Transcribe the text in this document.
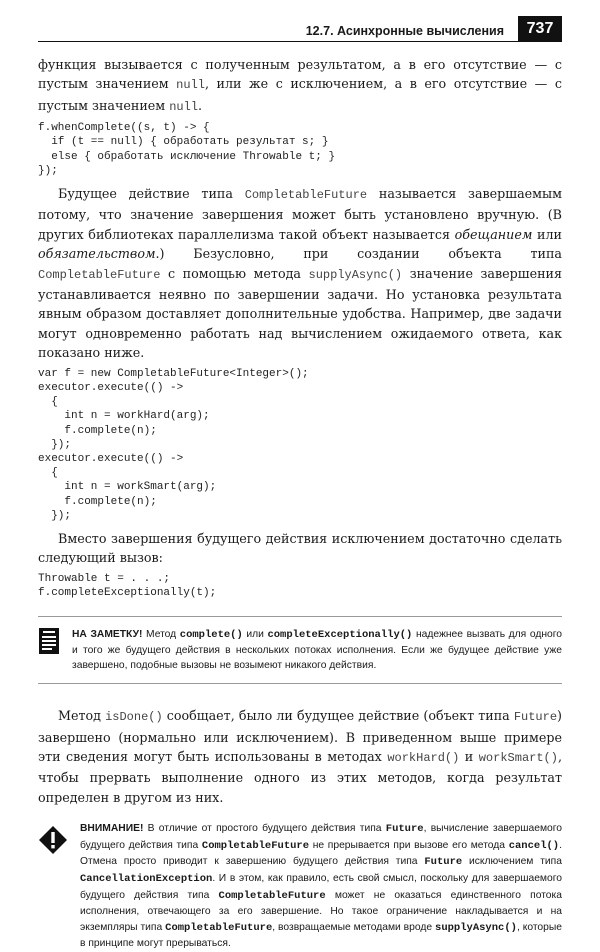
12.7. Асинхронные вычисления	737

функция вызывается с полученным результатом, а в его отсутствие — с пустым значением null, или же с исключением, а в его отсутствие — с пустым значением null.

f.whenComplete((s, t) -> {
if (t == null) { обработать результат s; }
else { обработать исключение Throwable t; }
});

Будущее действие типа CompletableFuture называется завершаемым потому, что значение завершения может быть установлено вручную. (В других библиотеках параллелизма такой объект называется обещанием или обязательством.) Безусловно, при создании объекта типа CompletableFuture с помощью метода supplyAsync() значение завершения устанавливается неявно по завершении задачи. Но установка результата явным образом доставляет дополнительные удобства. Например, две задачи могут одновременно работать над вычислением ожидаемого ответа, как показано ниже.

var f = new CompletableFuture<Integer>();
executor.execute(() ->
{
int n = workHard(arg);
f.complete(n);
});
executor.execute(() ->
{
int n = workSmart(arg);
f.complete(n);
});

Вместо завершения будущего действия исключением достаточно сделать следующий вызов:

Throwable t = . . .;
f.completeExceptionally(t);
НА ЗАМЕТКУ! Метод complete() или completeExceptionally() надежнее вызвать для одного и того же будущего действия в нескольких потоках исполнения. Если же будущее действие уже завершено, подобные вызовы не возымеют никакого действия.

Метод isDone() сообщает, было ли будущее действие (объект типа Future) завершено (нормально или исключением). В приведенном выше примере эти сведения могут быть использованы в методах workHard() и workSmart(), чтобы прервать выполнение одного из этих методов, когда результат определен в другом из них.

ВНИМАНИЕ! В отличие от простого будущего действия типа Future, вычисление завершаемого будущего действия типа CompletableFuture не прерывается при вызове его метода cancel(). Отмена просто приводит к завершению будущего действия типа Future исключением типа CancellationException. И в этом, как правило, есть свой смысл, поскольку для завершаемого будущего действия типа CompletableFuture может не оказаться единственного потока исполнения, отвечающего за его завершение. Но такое ограничение накладывается и на экземпляры типа CompletableFuture, возвращаемые методами вроде supplyAsync(), которые в принципе могут прерываться.
